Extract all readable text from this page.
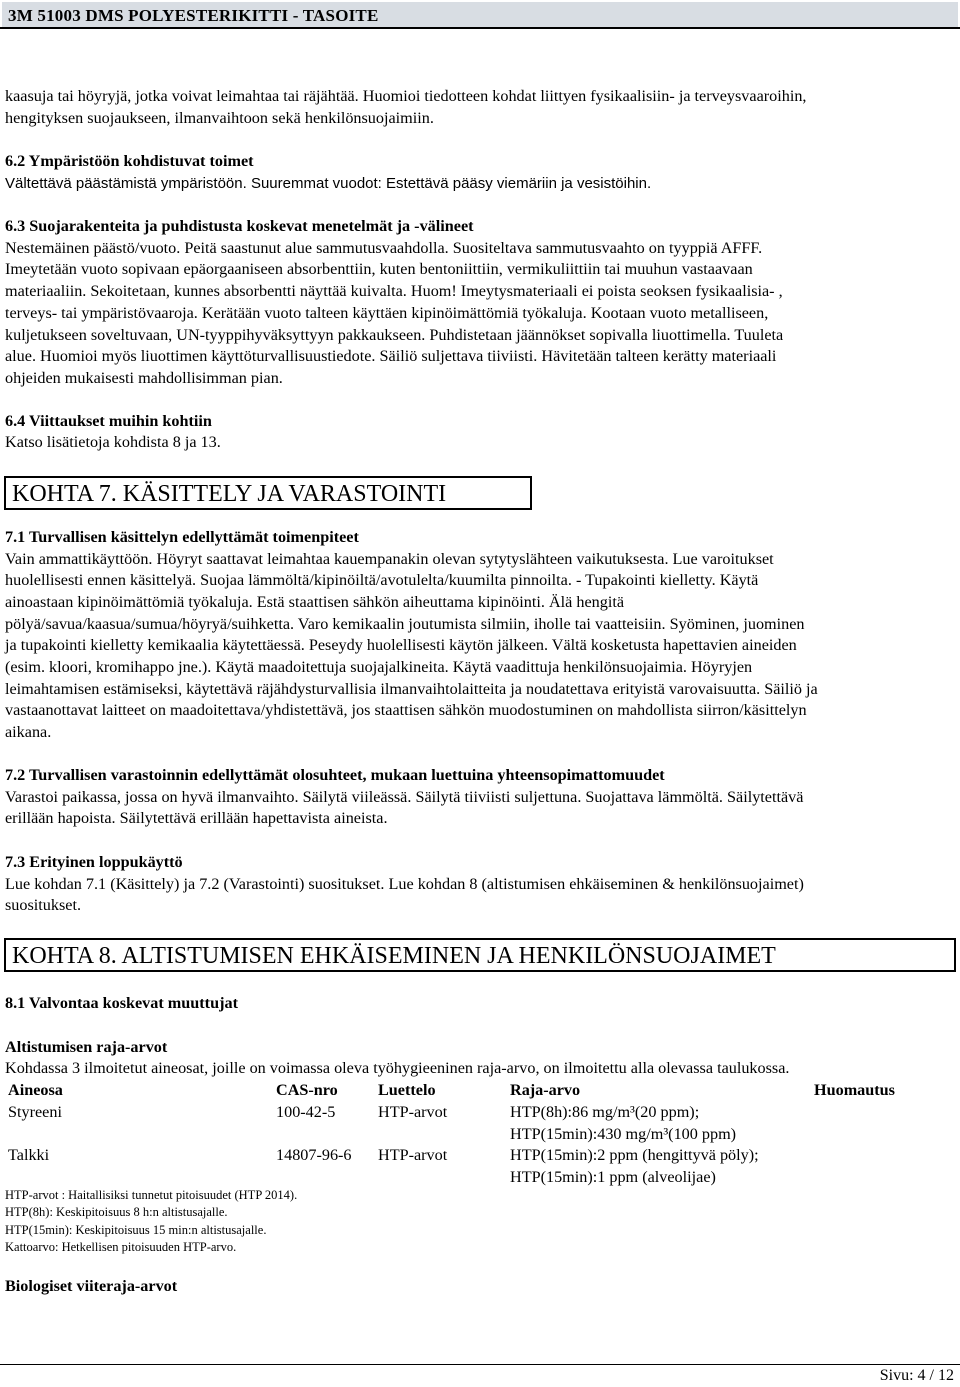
3M 51003 DMS POLYESTERIKITTI - TASOITE
kaasuja tai höyryjä, jotka voivat leimahtaa tai räjähtää. Huomioi tiedotteen kohdat liittyen fysikaalisiin- ja terveysvaaroihin,
hengityksen suojaukseen, ilmanvaihtoon sekä henkilönsuojaimiin.
6.2 Ympäristöön kohdistuvat toimet
Vältettävä päästämistä ympäristöön. Suuremmat vuodot: Estettävä pääsy viemäriin ja vesistöihin.
6.3 Suojarakenteita ja puhdistusta koskevat menetelmät ja -välineet
Nestemäinen päästö/vuoto. Peitä saastunut alue sammutusvaahdolla. Suositeltava sammutusvaahto on tyyppiä AFFF.
Imeytetään vuoto sopivaan epäorgaaniseen absorbenttiin, kuten bentoniittiin, vermikuliittiin tai muuhun vastaavaan
materiaaliin. Sekoitetaan, kunnes absorbentti näyttää kuivalta. Huom! Imeytysmateriaali ei poista seoksen fysikaalisia- ,
terveys- tai ympäristövaaroja. Kerätään vuoto talteen käyttäen kipinöimättömiä työkaluja. Kootaan vuoto metalliseen,
kuljetukseen soveltuvaan, UN-tyyppihyväksyttyyn pakkaukseen. Puhdistetaan jäännökset sopivalla liuottimella. Tuuleta
alue. Huomioi myös liuottimen käyttöturvallisuustiedote. Säiliö suljettava tiiviisti. Hävitetään talteen kerätty materiaali
ohjeiden mukaisesti mahdollisimman pian.
6.4 Viittaukset muihin kohtiin
Katso lisätietoja kohdista 8 ja 13.
KOHTA 7. KÄSITTELY JA VARASTOINTI
7.1 Turvallisen käsittelyn edellyttämät toimenpiteet
Vain ammattikäyttöön. Höyryt saattavat leimahtaa kauempanakin olevan sytytyslähteen vaikutuksesta. Lue varoitukset
huolellisesti ennen käsittelyä. Suojaa lämmöltä/kipinöiltä/avotulelta/kuumilta pinnoilta. - Tupakointi kielletty. Käytä
ainoastaan kipinöimättömiä työkaluja. Estä staattisen sähkön aiheuttama kipinöinti. Älä hengitä
pölyä/savua/kaasua/sumua/höyryä/suihketta. Varo kemikaalin joutumista silmiin, iholle tai vaatteisiin. Syöminen, juominen
ja tupakointi kielletty kemikaalia käytettäessä. Peseydy huolellisesti käytön jälkeen. Vältä kosketusta hapettavien aineiden
(esim. kloori, kromihappo jne.). Käytä maadoitettuja suojajalkineita. Käytä vaadittuja henkilönsuojaimia. Höyryjen
leimahtamisen estämiseksi, käytettävä räjähdysturvallisia ilmanvaihtolaitteita ja noudatettava erityistä varovaisuutta. Säiliö ja
vastaanottavat laitteet on maadoitettava/yhdistettävä, jos staattisen sähkön muodostuminen on mahdollista siirron/käsittelyn
aikana.
7.2 Turvallisen varastoinnin edellyttämät olosuhteet, mukaan luettuina yhteensopimattomuudet
Varastoi paikassa, jossa on hyvä ilmanvaihto. Säilytä viileässä. Säilytä tiiviisti suljettuna. Suojattava lämmöltä. Säilytettävä
erillään hapoista. Säilytettävä erillään hapettavista aineista.
7.3 Erityinen loppukäyttö
Lue kohdan 7.1 (Käsittely) ja 7.2 (Varastointi) suositukset. Lue kohdan 8 (altistumisen ehkäiseminen & henkilönsuojaimet)
suositukset.
KOHTA 8. ALTISTUMISEN EHKÄISEMINEN JA HENKILÖNSUOJAIMET
8.1 Valvontaa koskevat muuttujat
Altistumisen raja-arvot
Kohdassa 3 ilmoitetut aineosat, joille on voimassa oleva työhygieeninen raja-arvo, on ilmoitettu alla olevassa taulukossa.
Aineosa	CAS-nro Luettelo	Raja-arvo	Huomautus
Styreeni	100-42-5	HTP-arvot	HTP(8h):86 mg/m³(20 ppm);
HTP(15min):430 mg/m³(100 ppm)
Talkki	14807-96-6 HTP-arvot	HTP(15min):2 ppm (hengittyvä pöly);
HTP(15min):1 ppm (alveolijae)
HTP-arvot : Haitallisiksi tunnetut pitoisuudet (HTP 2014).
HTP(8h): Keskipitoisuus 8 h:n altistusajalle.
HTP(15min): Keskipitoisuus 15 min:n altistusajalle.
Kattoarvo: Hetkellisen pitoisuuden HTP-arvo.
Biologiset viiteraja-arvot
Sivu: 4 / 12
